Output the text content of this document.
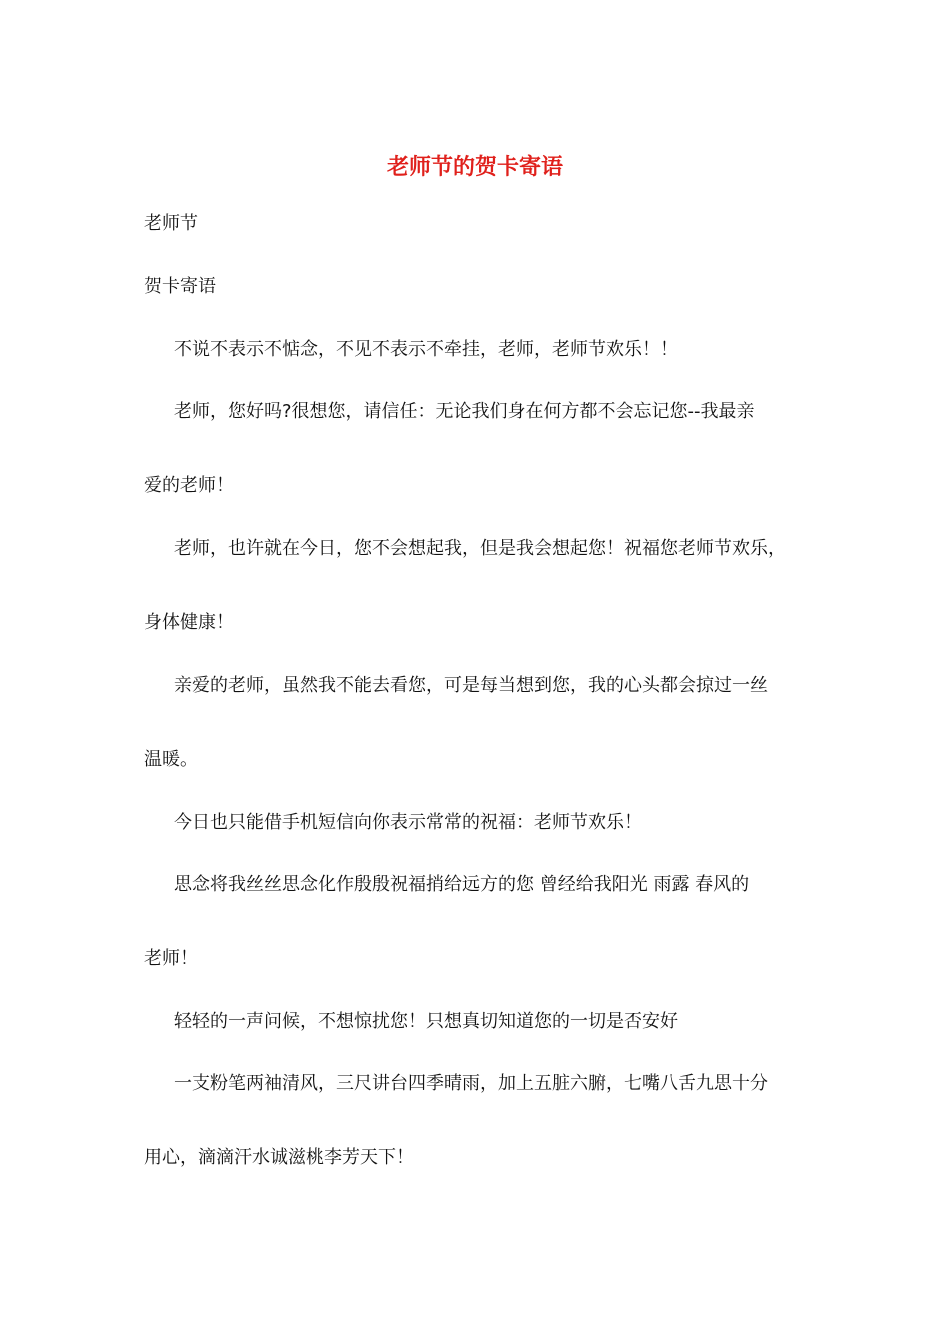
老师节的贺卡寄语
老师节
贺卡寄语
不说不表示不惦念，不见不表示不牵挂，老师，老师节欢乐！！
老师，您好吗?很想您，请信任：无论我们身在何方都不会忘记您--我最亲
爱的老师！
老师，也许就在今日，您不会想起我，但是我会想起您！祝福您老师节欢乐，
身体健康！
亲爱的老师，虽然我不能去看您，可是每当想到您，我的心头都会掠过一丝
温暖。
今日也只能借手机短信向你表示常常的祝福：老师节欢乐！
思念将我丝丝思念化作殷殷祝福捎给远方的您 曾经给我阳光 雨露 春风的
老师！
轻轻的一声问候，不想惊扰您！只想真切知道您的一切是否安好
一支粉笔两袖清风，三尺讲台四季晴雨，加上五脏六腑，七嘴八舌九思十分
用心，滴滴汗水诚滋桃李芳天下！
